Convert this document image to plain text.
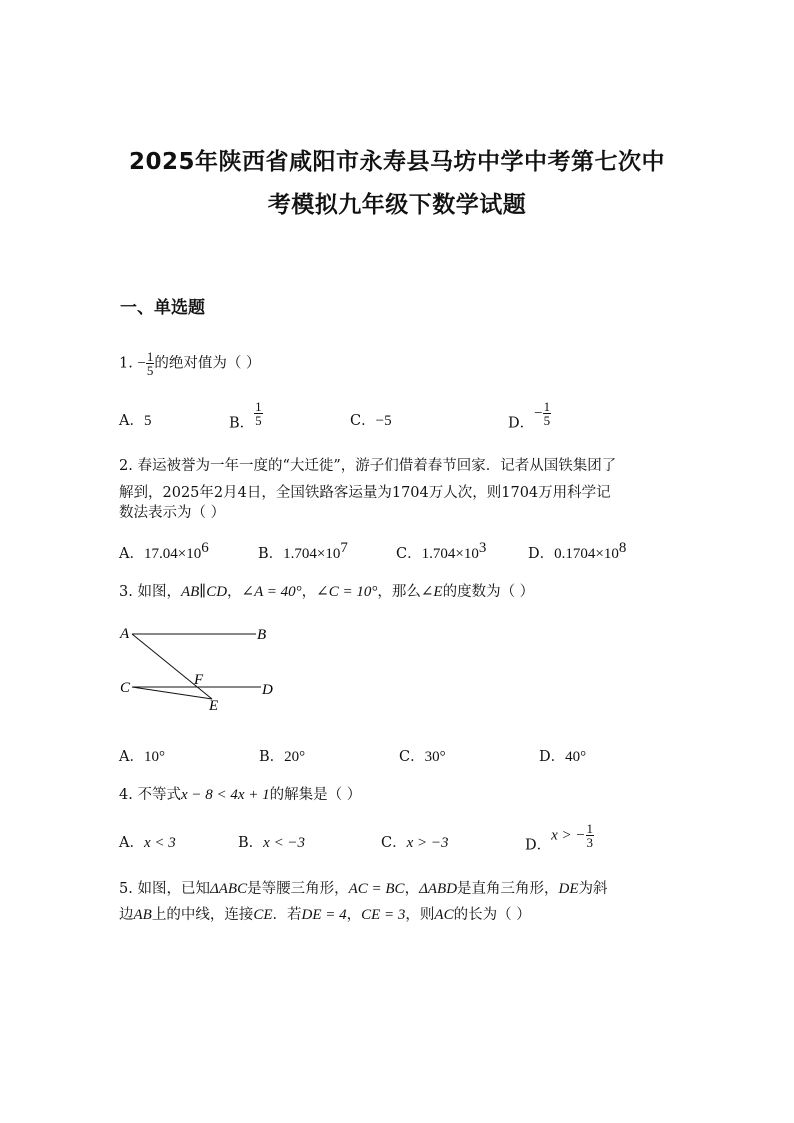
2025年陕西省咸阳市永寿县马坊中学中考第七次中
考模拟九年级下数学试题
一、单选题
1. − $\frac{1}{5}$ 的绝对值为（ ）
A．5	B． $\frac{1}{5}$	C．−5	D．− $\frac{1}{5}$
2. 春运被誉为一年一度的“大迁徙”，游子们借着春节回家．记者从国铁集团了
解到，2025年2月4日，全国铁路客运量为1704万人次，则1704万用科学记
数法表示为（ ）
A．$17.04\times 10^6$	B．$1.704\times 10^7$	C．$1.704\times 10^3$	D．$0.1704\times 10^8$
3. 如图，AB∥CD，∠A = 40°，∠C = 10°，那么∠E的度数为（ ）
A	B
C	D
F
E
A．10°	B．20°	C．30°	D．40°
4. 不等式x − 8 < 4x + 1的解集是（ ）
A．x < 3	B．x < −3	C．x > −3	D．x > − $\frac{1}{3}$
5. 如图，已知ΔABC是等腰三角形，AC = BC，ΔABD是直角三角形，DE为斜
边AB上的中线，连接CE．若DE = 4，CE = 3，则AC的长为（ ）
